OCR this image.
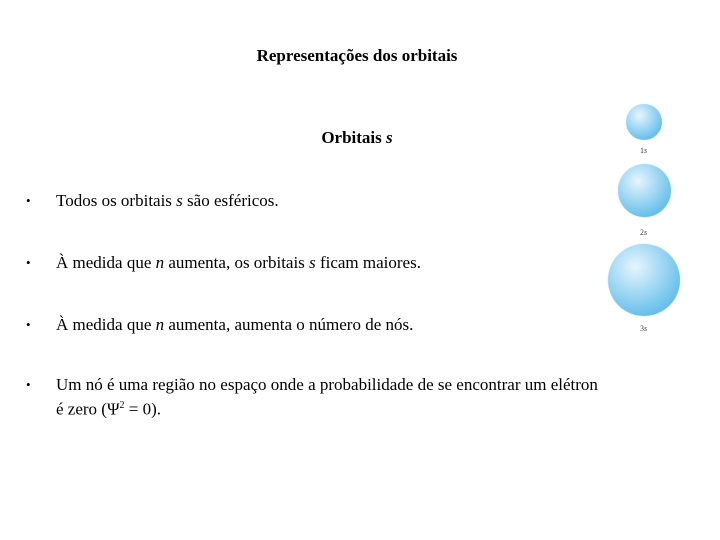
Representações dos orbitais
Orbitais s
• Todos os orbitais s são esféricos.
• À medida que n aumenta, os orbitais s ficam maiores.
• À medida que n aumenta, aumenta o número de nós.
• Um nó é uma região no espaço onde a probabilidade de se encontrar um elétron
é zero $(\Psi^2 = 0)$.
1s
2s
3s
